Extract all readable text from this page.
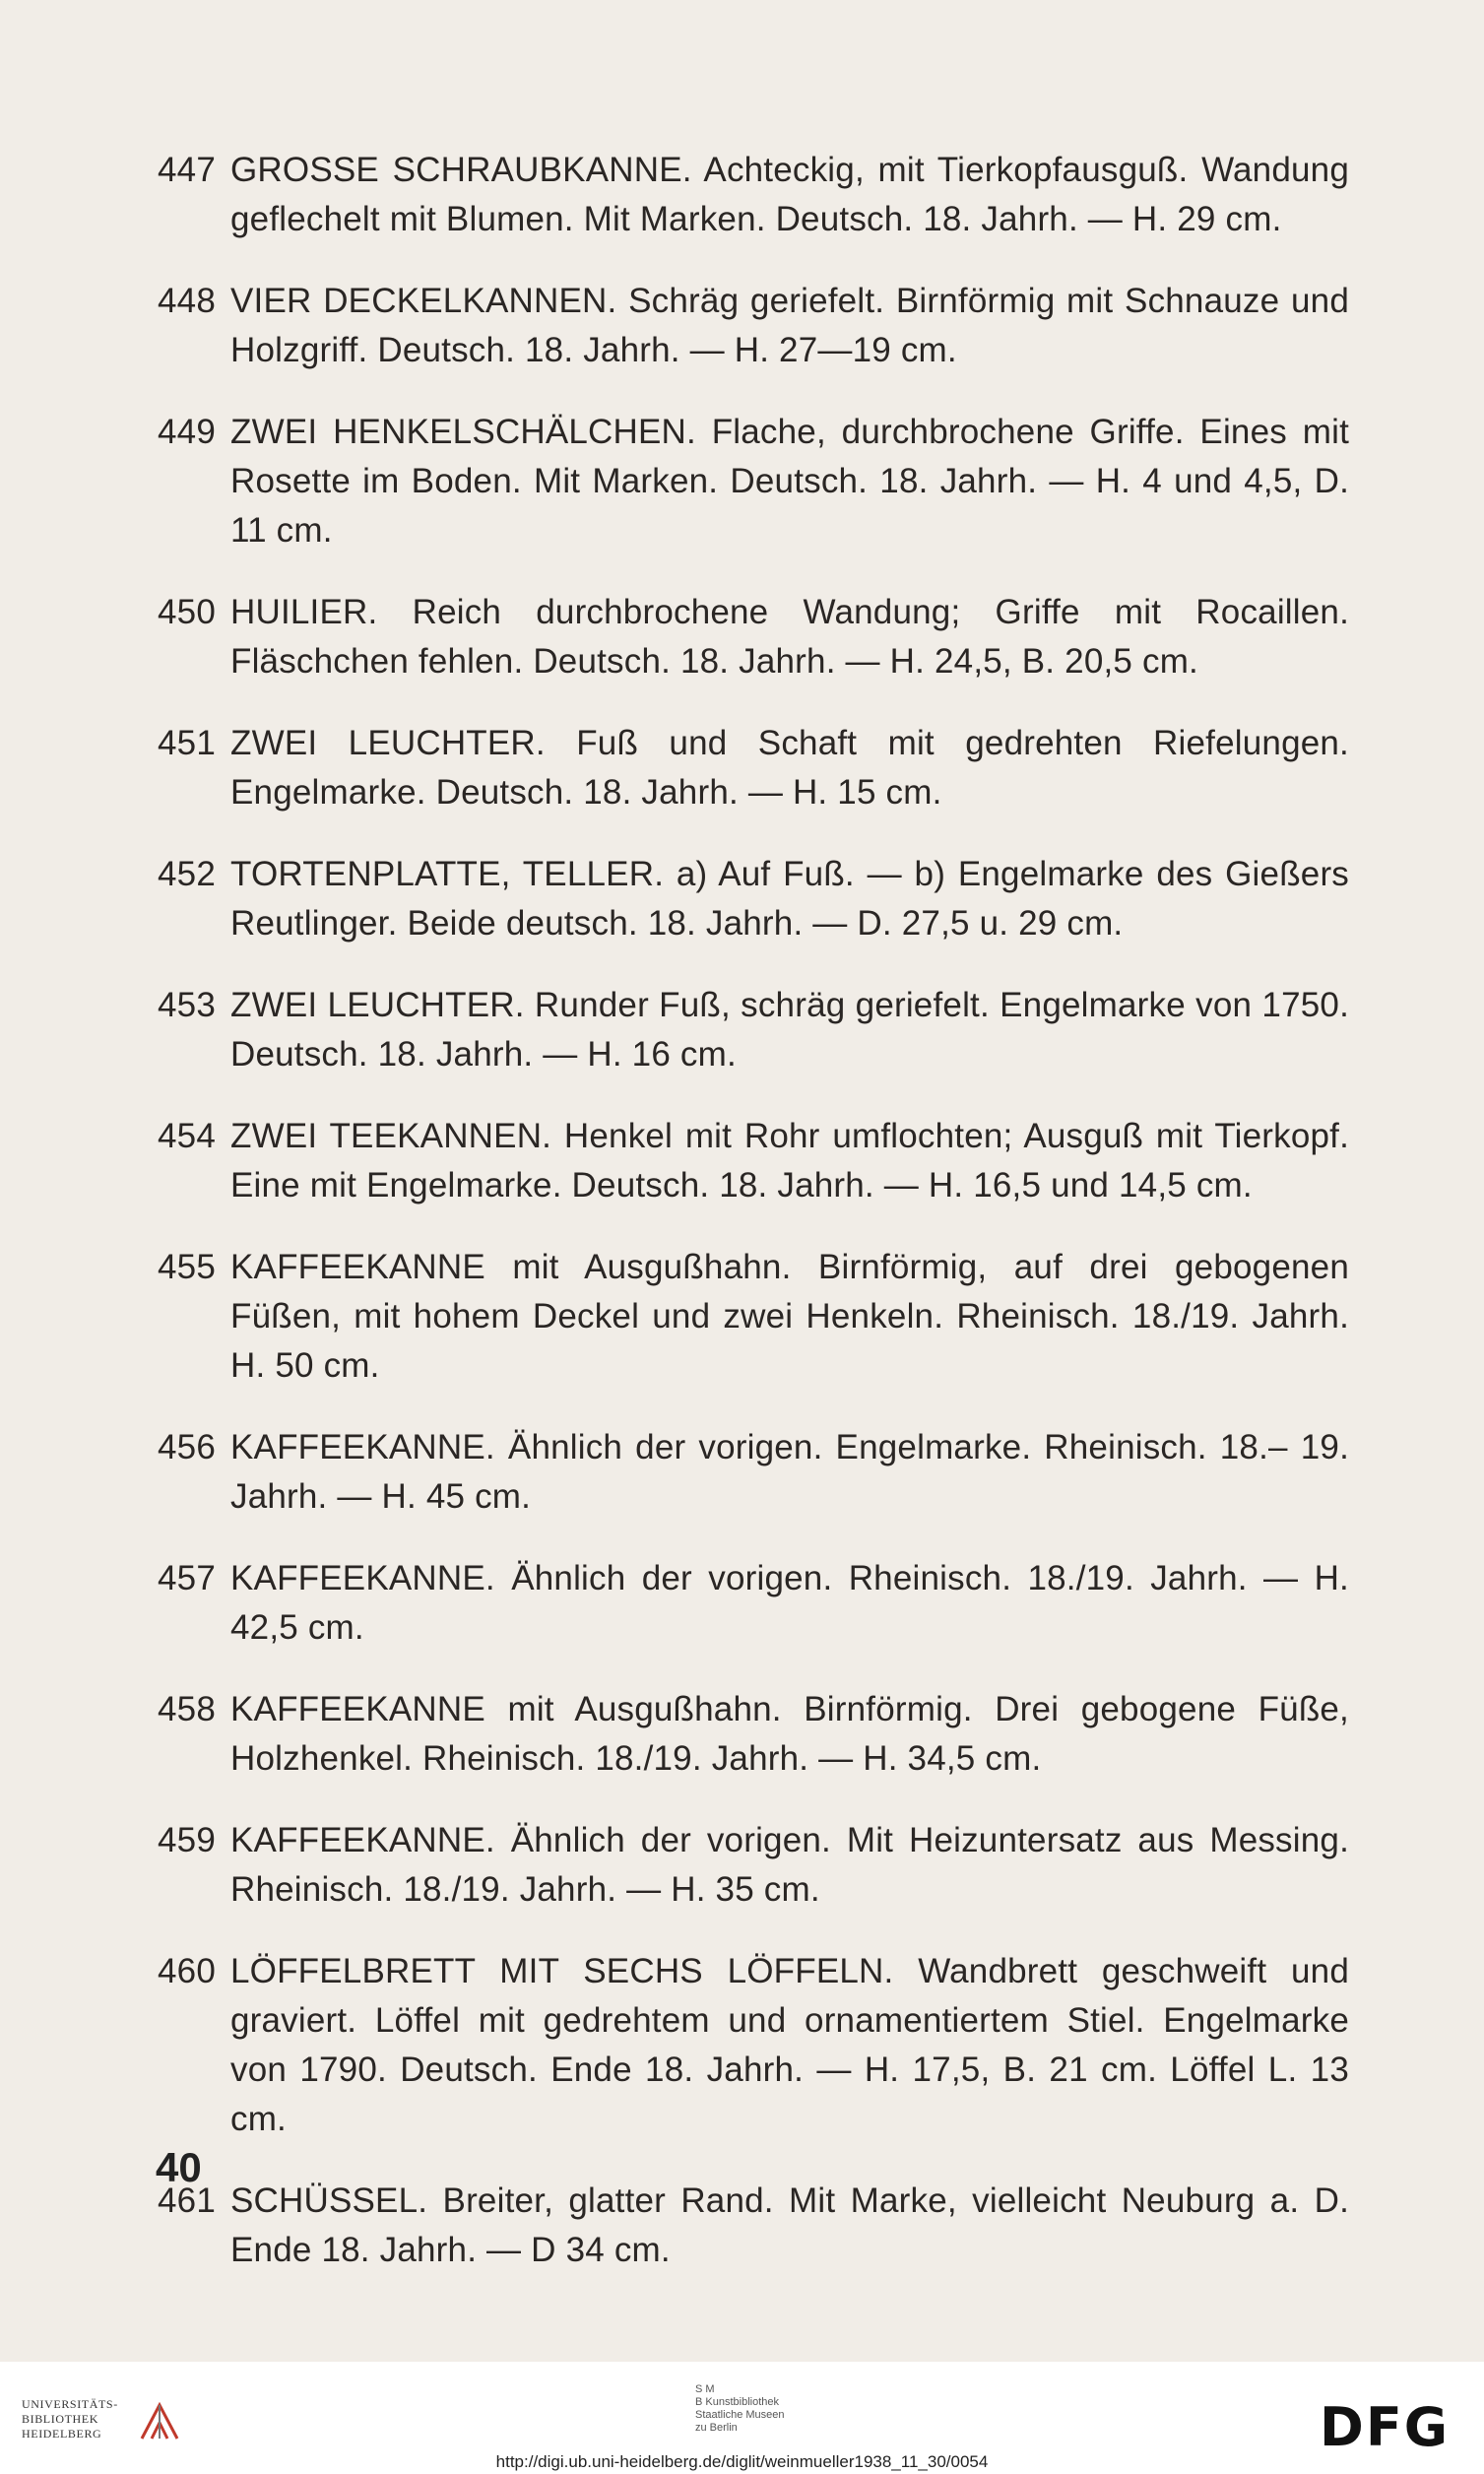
447 GROSSE SCHRAUBKANNE. Achteckig, mit Tierkopfausguß. Wandung geflechelt mit Blumen. Mit Marken. Deutsch. 18. Jahrh. — H. 29 cm.
448 VIER DECKELKANNEN. Schräg geriefelt. Birnförmig mit Schnauze und Holzgriff. Deutsch. 18. Jahrh. — H. 27—19 cm.
449 ZWEI HENKELSCHÄLCHEN. Flache, durchbrochene Griffe. Eines mit Rosette im Boden. Mit Marken. Deutsch. 18. Jahrh. — H. 4 und 4,5, D. 11 cm.
450 HUILIER. Reich durchbrochene Wandung; Griffe mit Rocaillen. Fläschchen fehlen. Deutsch. 18. Jahrh. — H. 24,5, B. 20,5 cm.
451 ZWEI LEUCHTER. Fuß und Schaft mit gedrehten Riefelungen. Engelmarke. Deutsch. 18. Jahrh. — H. 15 cm.
452 TORTENPLATTE, TELLER. a) Auf Fuß. — b) Engelmarke des Gießers Reutlinger. Beide deutsch. 18. Jahrh. — D. 27,5 u. 29 cm.
453 ZWEI LEUCHTER. Runder Fuß, schräg geriefelt. Engelmarke von 1750. Deutsch. 18. Jahrh. — H. 16 cm.
454 ZWEI TEEKANNEN. Henkel mit Rohr umflochten; Ausguß mit Tierkopf. Eine mit Engelmarke. Deutsch. 18. Jahrh. — H. 16,5 und 14,5 cm.
455 KAFFEEKANNE mit Ausgußhahn. Birnförmig, auf drei gebogenen Füßen, mit hohem Deckel und zwei Henkeln. Rheinisch. 18./19. Jahrh. H. 50 cm.
456 KAFFEEKANNE. Ähnlich der vorigen. Engelmarke. Rheinisch. 18.– 19. Jahrh. — H. 45 cm.
457 KAFFEEKANNE. Ähnlich der vorigen. Rheinisch. 18./19. Jahrh. — H. 42,5 cm.
458 KAFFEEKANNE mit Ausgußhahn. Birnförmig. Drei gebogene Füße, Holzhenkel. Rheinisch. 18./19. Jahrh. — H. 34,5 cm.
459 KAFFEEKANNE. Ähnlich der vorigen. Mit Heizuntersatz aus Messing. Rheinisch. 18./19. Jahrh. — H. 35 cm.
460 LÖFFELBRETT MIT SECHS LÖFFELN. Wandbrett geschweift und graviert. Löffel mit gedrehtem und ornamentiertem Stiel. Engelmarke von 1790. Deutsch. Ende 18. Jahrh. — H. 17,5, B. 21 cm. Löffel L. 13 cm.
461 SCHÜSSEL. Breiter, glatter Rand. Mit Marke, vielleicht Neuburg a. D. Ende 18. Jahrh. — D 34 cm.
40
UNIVERSITÄTS-
BIBLIOTHEK
HEIDELBERG
S M
B Kunstbibliothek
Staatliche Museen
zu Berlin	DFG
http://digi.ub.uni-heidelberg.de/diglit/weinmueller1938_11_30/0054
